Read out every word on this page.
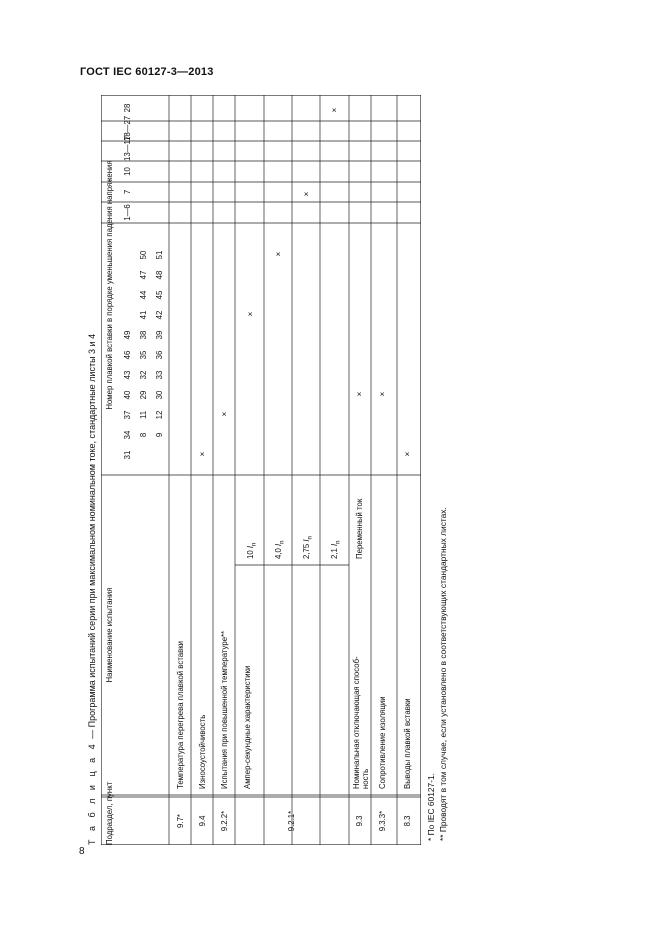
ГОСТ IEC 60127-3—2013
8
Т а б л и ц а 4 — Программа испытаний серии при максимальном номинальном токе, стандартные листы 3 и 4
Подраздел, пункт
Наименование испытания
Номер плавкой вставки в порядке уменьшения падения напряжения 1—6
7
10
13—17
18—27
28
31
34
37
40
43
46
49
8
11
29
32
35
38
41
44
47
50
9
12
30
33
36
39
42
45
48
51
9.7*
Температура перегрева плавкой вставки
9.4
Износоустойчивость
9.2.2*
Испытания при повышенной температуре**
9.2.1*
Ампер-секундные характеристики
10 $I_n$
4,0 $I_n$ 2,75 $I_n$
2,1 $I_n$
9.3
Номинальная отключающая способ- ность
Переменный ток
9.3.3*
Сопротивление изоляции
8.3
Выводы плавкой вставки
×
×
×
×
×
×
× ×
×
* По IEC 60127-1. ** Проводят в том случае, если установлено в соответствующих стандартных листах.
